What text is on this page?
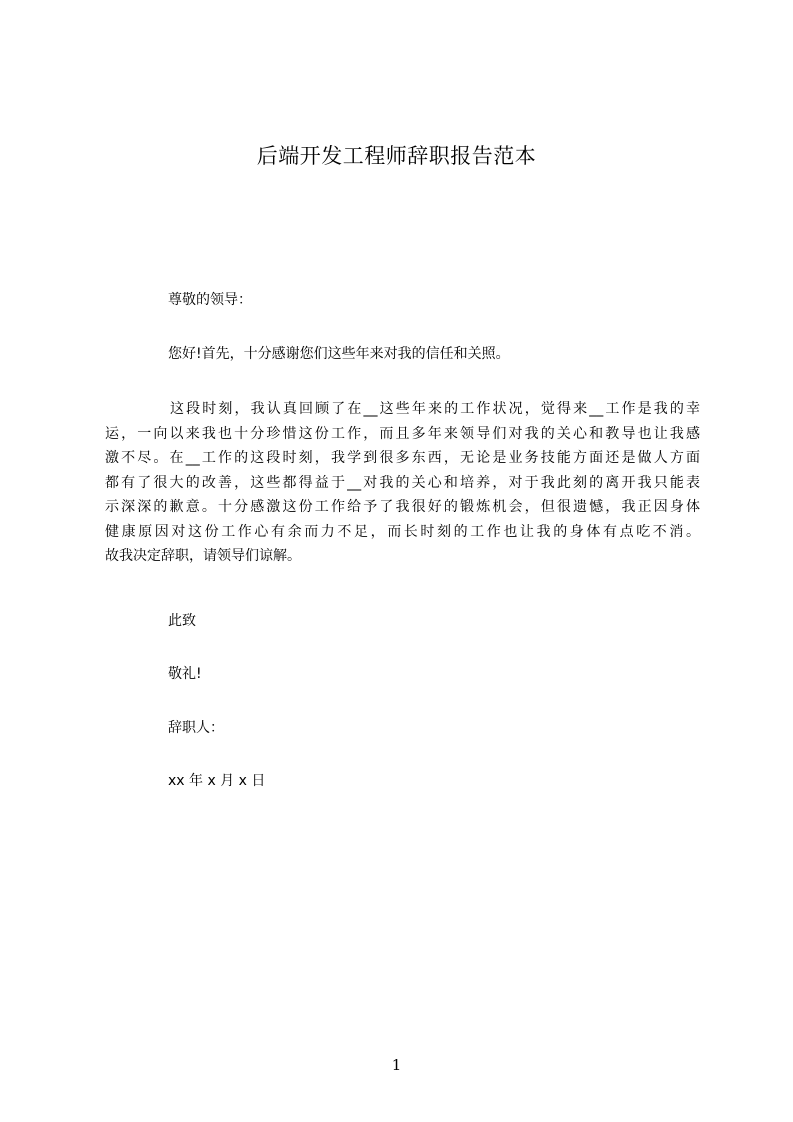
后端开发工程师辞职报告范本
尊敬的领导：
您好!首先，十分感谢您们这些年来对我的信任和关照。
这段时刻，我认真回顾了在__这些年来的工作状况，觉得来__工作是我的幸
运，一向以来我也十分珍惜这份工作，而且多年来领导们对我的关心和教导也让我感
激不尽。在__工作的这段时刻，我学到很多东西，无论是业务技能方面还是做人方面
都有了很大的改善，这些都得益于__对我的关心和培养，对于我此刻的离开我只能表
示深深的歉意。十分感激这份工作给予了我很好的锻炼机会，但很遗憾，我正因身体
健康原因对这份工作心有余而力不足，而长时刻的工作也让我的身体有点吃不消。
故我决定辞职，请领导们谅解。
此致
敬礼!
辞职人：
xx 年 x 月 x 日
1
